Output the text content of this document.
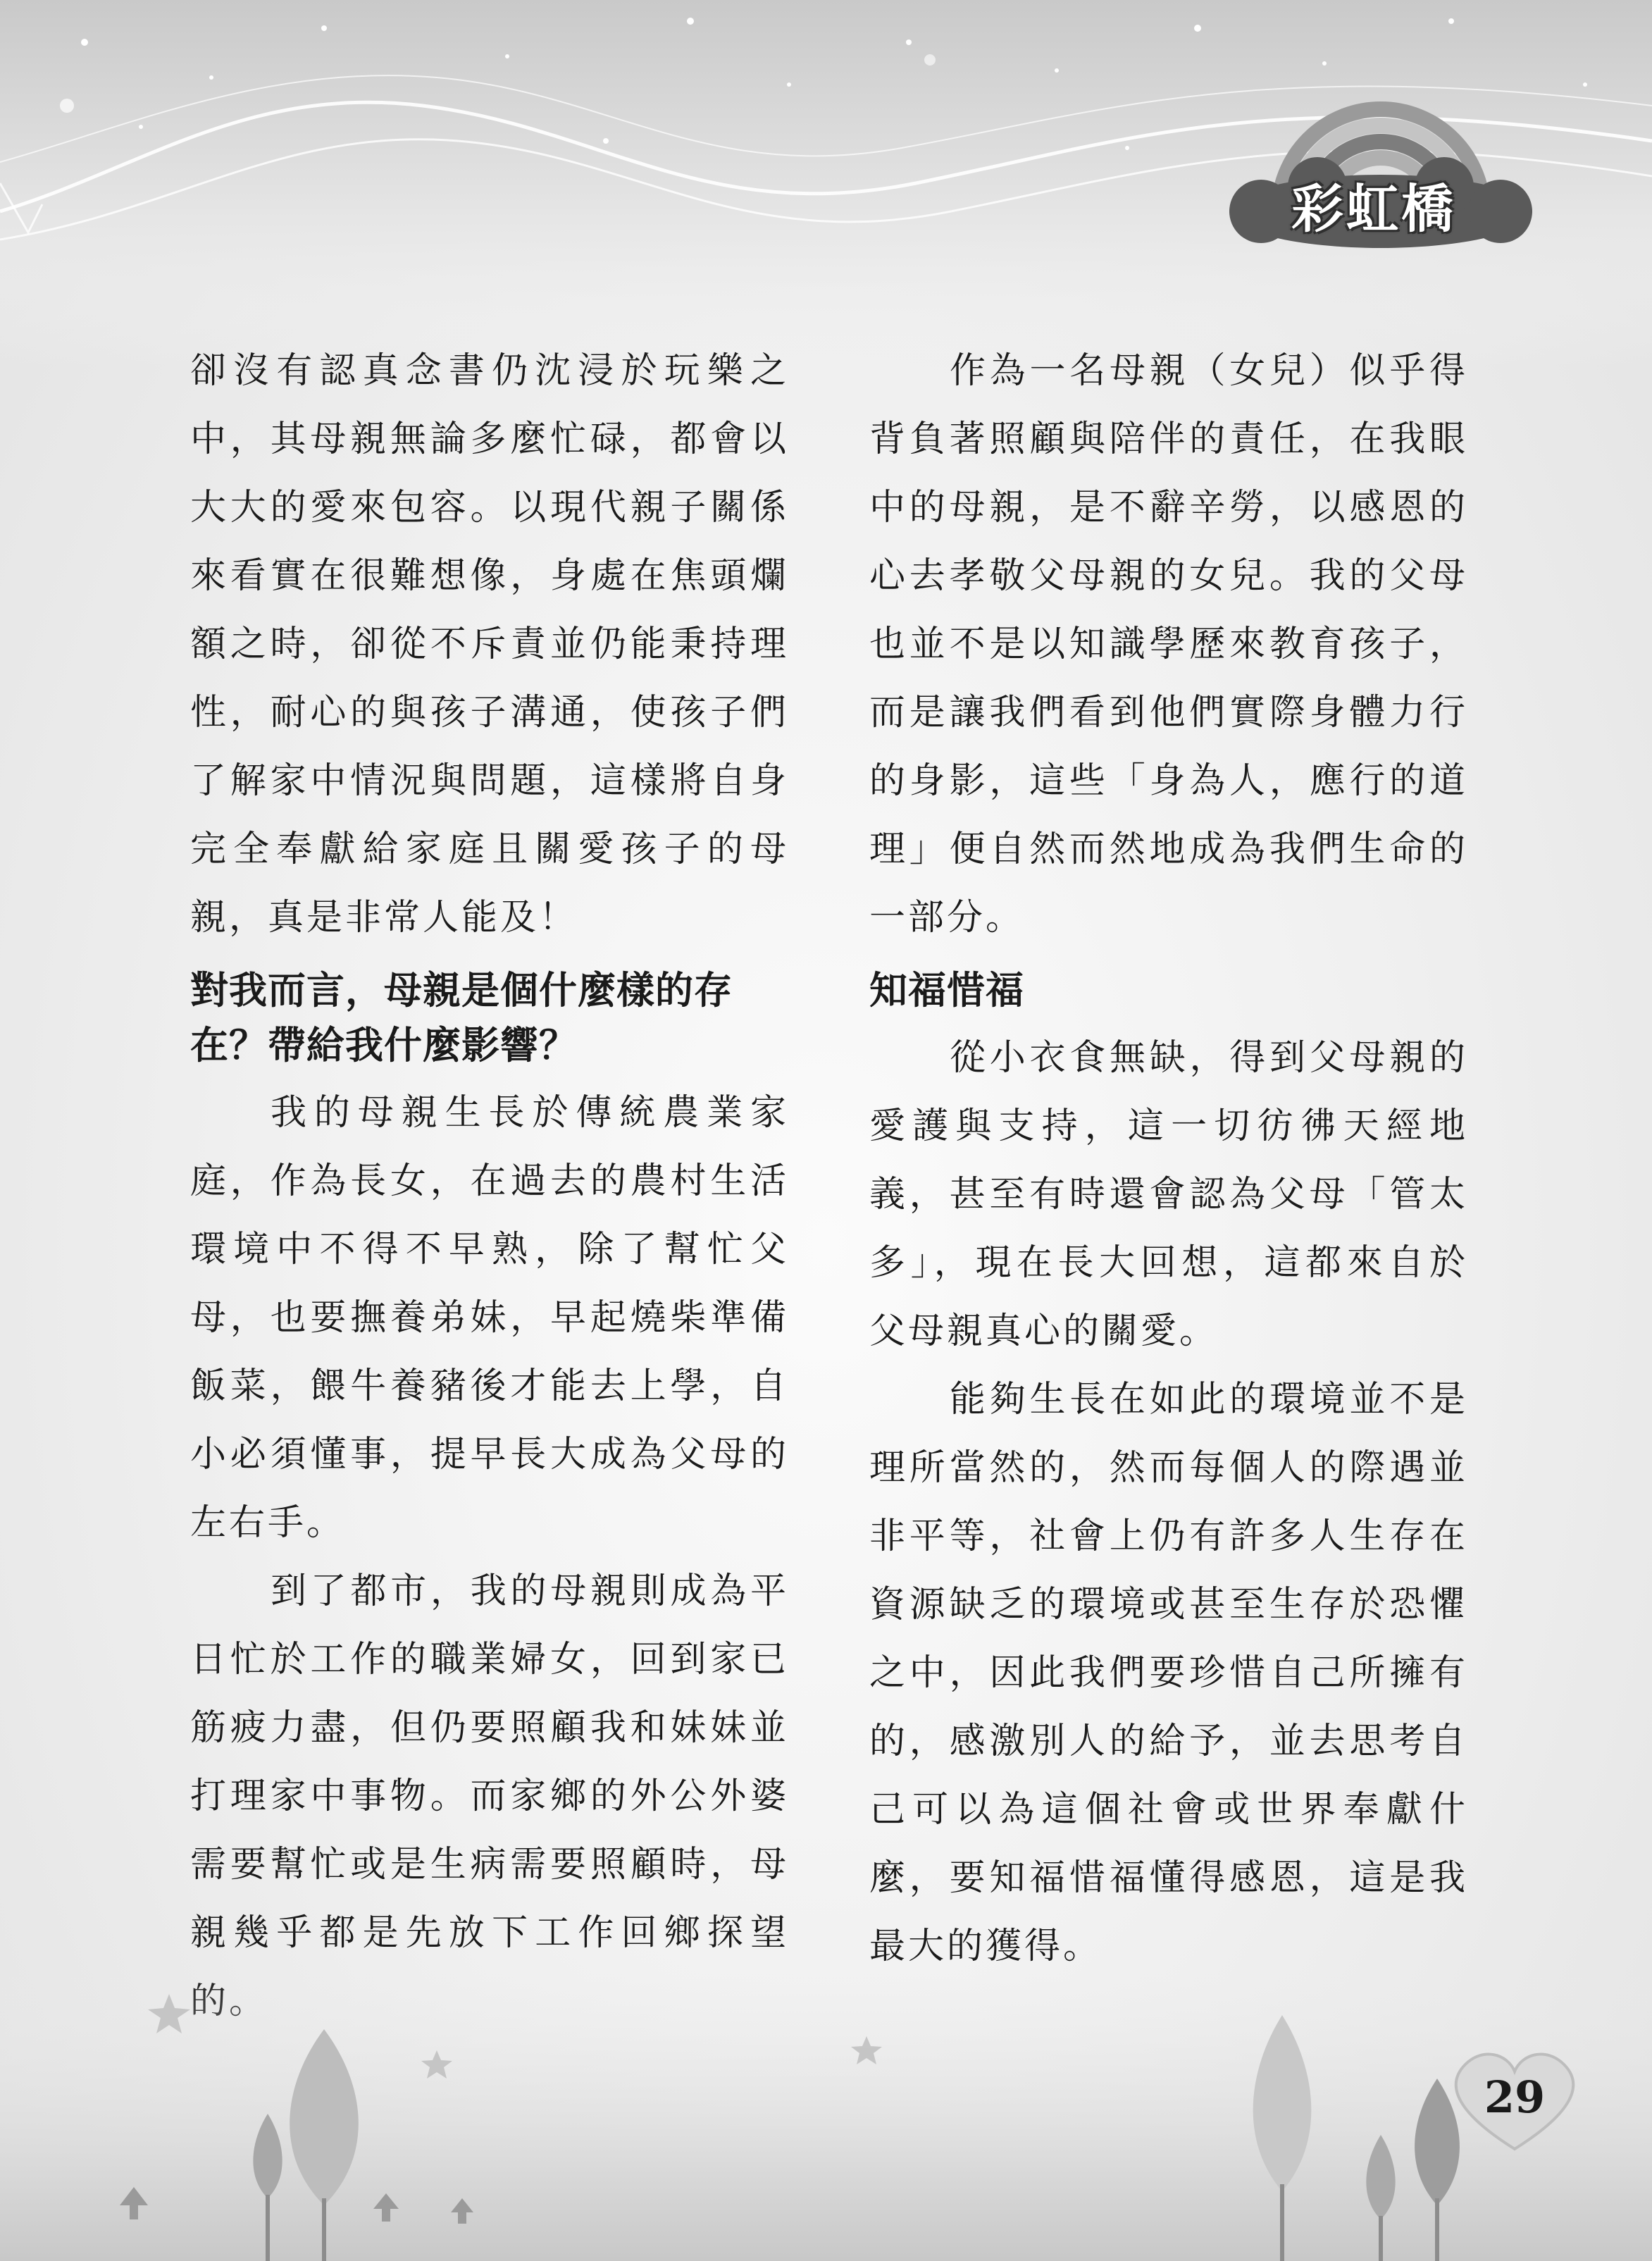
彩虹橋

卻沒有認真念書仍沈浸於玩樂之中，其母親無論多麼忙碌，都會以大大的愛來包容。以現代親子關係來看實在很難想像，身處在焦頭爛額之時，卻從不斥責並仍能秉持理性，耐心的與孩子溝通，使孩子們了解家中情況與問題，這樣將自身完全奉獻給家庭且關愛孩子的母親，真是非常人能及！

對我而言，母親是個什麼樣的存在？帶給我什麼影響？

我的母親生長於傳統農業家庭，作為長女，在過去的農村生活環境中不得不早熟，除了幫忙父母，也要撫養弟妹，早起燒柴準備飯菜，餵牛養豬後才能去上學，自小必須懂事，提早長大成為父母的左右手。

到了都市，我的母親則成為平日忙於工作的職業婦女，回到家已筋疲力盡，但仍要照顧我和妹妹並打理家中事物。而家鄉的外公外婆需要幫忙或是生病需要照顧時，母親幾乎都是先放下工作回鄉探望

作為一名母親（女兒）似乎得背負著照顧與陪伴的責任，在我眼中的母親，是不辭辛勞，以感恩的心去孝敬父母親的女兒。我的父母也並不是以知識學歷來教育孩子，而是讓我們看到他們實際身體力行的身影，這些「身為人，應行的道理」便自然而然地成為我們生命的一部分。

知福惜福

從小衣食無缺，得到父母親的愛護與支持，這一切彷彿天經地義，甚至有時還會認為父母「管太多」，現在長大回想，這都來自於父母親真心的關愛。

能夠生長在如此的環境並不是理所當然的，然而每個人的際遇並非平等，社會上仍有許多人生存在資源缺乏的環境或甚至生存於恐懼之中，因此我們要珍惜自己所擁有的，感激別人的給予，並去思考自己可以為這個社會或世界奉獻什麼，要知福惜福懂得感恩，這是我最大的獲得。

29
